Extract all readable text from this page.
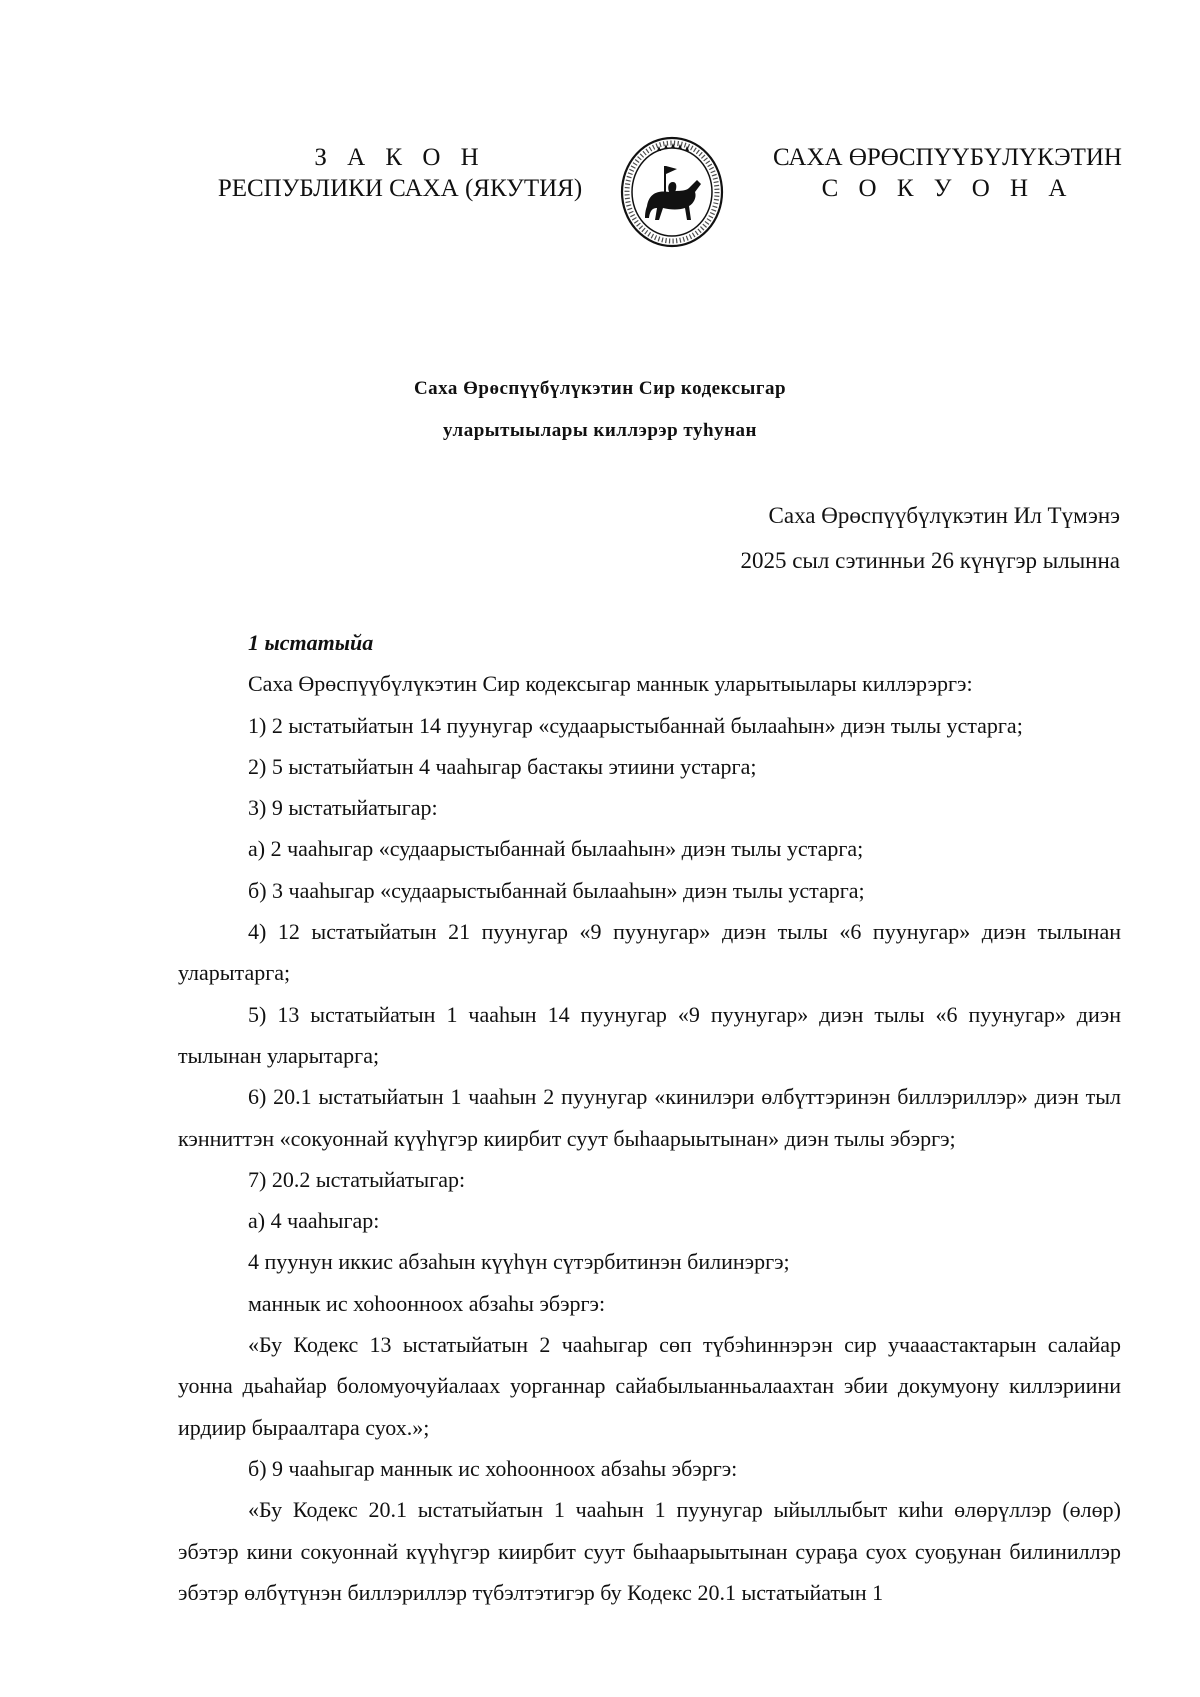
З А К О Н
РЕСПУБЛИКИ САХА (ЯКУТИЯ)
САХА ӨРӨСПҮҮБҮЛҮКЭТИН
С О К У О Н А
Саха Өрөспүүбүлүкэтин Сир кодексыгар
уларытыылары киллэрэр туһунан
Саха Өрөспүүбүлүкэтин Ил Түмэнэ
2025 сыл сэтинньи 26 күнүгэр ылынна

1 ыстатыйа

Саха Өрөспүүбүлүкэтин Сир кодексыгар маннык уларытыылары киллэрэргэ:

1) 2 ыстатыйатын 14 пуунугар «судаарыстыбаннай былааһын» диэн тылы устарга;

2) 5 ыстатыйатын 4 чааһыгар бастакы этиини устарга;

3) 9 ыстатыйатыгар:

а) 2 чааһыгар «судаарыстыбаннай былааһын» диэн тылы устарга;

б) 3 чааһыгар «судаарыстыбаннай былааһын» диэн тылы устарга;

4) 12 ыстатыйатын 21 пуунугар «9 пуунугар» диэн тылы «6 пуунугар» диэн тылынан уларытарга;

5) 13 ыстатыйатын 1 чааһын 14 пуунугар «9 пуунугар» диэн тылы «6 пуунугар» диэн тылынан уларытарга;

6) 20.1 ыстатыйатын 1 чааһын 2 пуунугар «кинилэри өлбүттэринэн биллэриллэр» диэн тыл кэнниттэн «сокуоннай күүһүгэр киирбит суут быһаарыытынан» диэн тылы эбэргэ;

7) 20.2 ыстатыйатыгар:

а) 4 чааһыгар:

4 пуунун иккис абзаһын күүһүн сүтэрбитинэн билинэргэ;

маннык ис хоһоонноох абзаһы эбэргэ:

«Бу Кодекс 13 ыстатыйатын 2 чааһыгар сөп түбэһиннэрэн сир учааастактарын салайар уонна дьаһайар боломуочуйалаах уорганнар сайабылыанньалаахтан эбии докумуону киллэриини ирдиир быраалтара суох.»;

б) 9 чааһыгар маннык ис хоһоонноох абзаһы эбэргэ:

«Бу Кодекс 20.1 ыстатыйатын 1 чааһын 1 пуунугар ыйыллыбыт киһи өлөрүллэр (өлөр) эбэтэр кини сокуоннай күүһүгэр киирбит суут быһаарыытынан сураҕа суох суоҕунан билиниллэр эбэтэр өлбүтүнэн биллэриллэр түбэлтэтигэр бу Кодекс 20.1 ыстатыйатын 1
